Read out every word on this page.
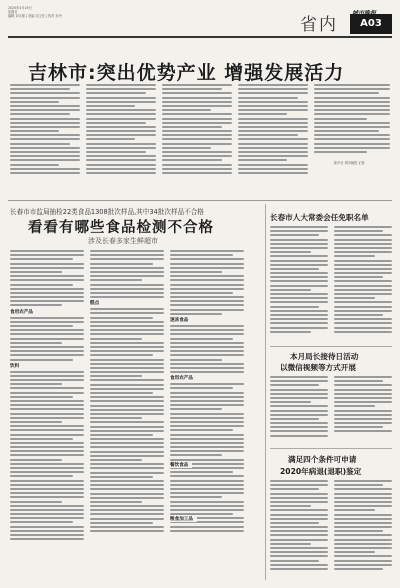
2020年4月19日
星期日
编辑 刘永强 | 美编 宋卫东 | 校对 孙丹	省内	A03
吉林市:突出优势产业 增强发展活力
新华社 城市晚报 记者
长春市市监局抽检22类食品1308批次样品,其中34批次样品不合格
看看有哪些食品检测不合格
涉及长春多家生鲜超市
食用农产品
饮料
糕点
速冻食品
食用农产品
餐饮食品
粮食加工品
长春市人大常委会任免职名单
本月局长接待日活动
以微信视频等方式开展
满足四个条件可申请
2020年病退(退职)鉴定
